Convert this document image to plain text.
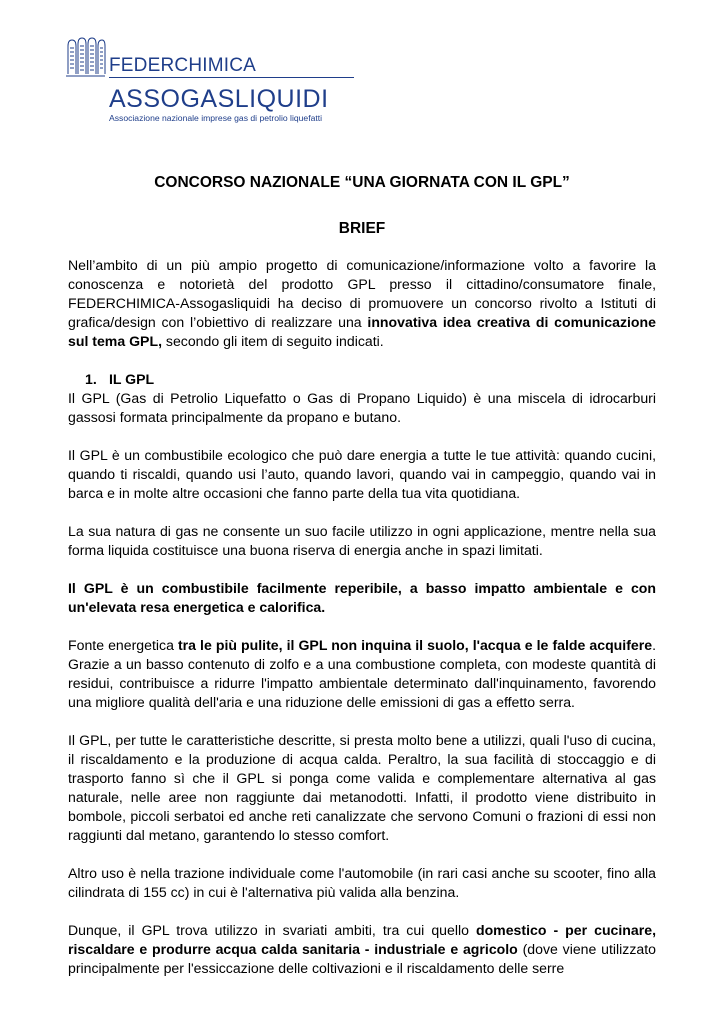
FEDERCHIMICA
ASSOGASLIQUIDI
Associazione nazionale imprese gas di petrolio liquefatti
CONCORSO NAZIONALE “UNA GIORNATA CON IL GPL”
BRIEF

Nell’ambito di un più ampio progetto di comunicazione/informazione volto a favorire la conoscenza e notorietà del prodotto GPL presso il cittadino/consumatore finale, FEDERCHIMICA-Assogasliquidi ha deciso di promuovere un concorso rivolto a Istituti di grafica/design con l’obiettivo di realizzare una innovativa idea creativa di comunicazione sul tema GPL, secondo gli item di seguito indicati.

1. IL GPL

Il GPL (Gas di Petrolio Liquefatto o Gas di Propano Liquido) è una miscela di idrocarburi gassosi formata principalmente da propano e butano.

Il GPL è un combustibile ecologico che può dare energia a tutte le tue attività: quando cucini, quando ti riscaldi, quando usi l’auto, quando lavori, quando vai in campeggio, quando vai in barca e in molte altre occasioni che fanno parte della tua vita quotidiana.

La sua natura di gas ne consente un suo facile utilizzo in ogni applicazione, mentre nella sua forma liquida costituisce una buona riserva di energia anche in spazi limitati.

Il GPL è un combustibile facilmente reperibile, a basso impatto ambientale e con un'elevata resa energetica e calorifica.

Fonte energetica tra le più pulite, il GPL non inquina il suolo, l'acqua e le falde acquifere. Grazie a un basso contenuto di zolfo e a una combustione completa, con modeste quantità di residui, contribuisce a ridurre l'impatto ambientale determinato dall'inquinamento, favorendo una migliore qualità dell'aria e una riduzione delle emissioni di gas a effetto serra.

Il GPL, per tutte le caratteristiche descritte, si presta molto bene a utilizzi, quali l'uso di cucina, il riscaldamento e la produzione di acqua calda. Peraltro, la sua facilità di stoccaggio e di trasporto fanno sì che il GPL si ponga come valida e complementare alternativa al gas naturale, nelle aree non raggiunte dai metanodotti. Infatti, il prodotto viene distribuito in bombole, piccoli serbatoi ed anche reti canalizzate che servono Comuni o frazioni di essi non raggiunti dal metano, garantendo lo stesso comfort.

Altro uso è nella trazione individuale come l'automobile (in rari casi anche su scooter, fino alla cilindrata di 155 cc) in cui è l'alternativa più valida alla benzina.

Dunque, il GPL trova utilizzo in svariati ambiti, tra cui quello domestico - per cucinare, riscaldare e produrre acqua calda sanitaria - industriale e agricolo (dove viene utilizzato principalmente per l'essiccazione delle coltivazioni e il riscaldamento delle serre
